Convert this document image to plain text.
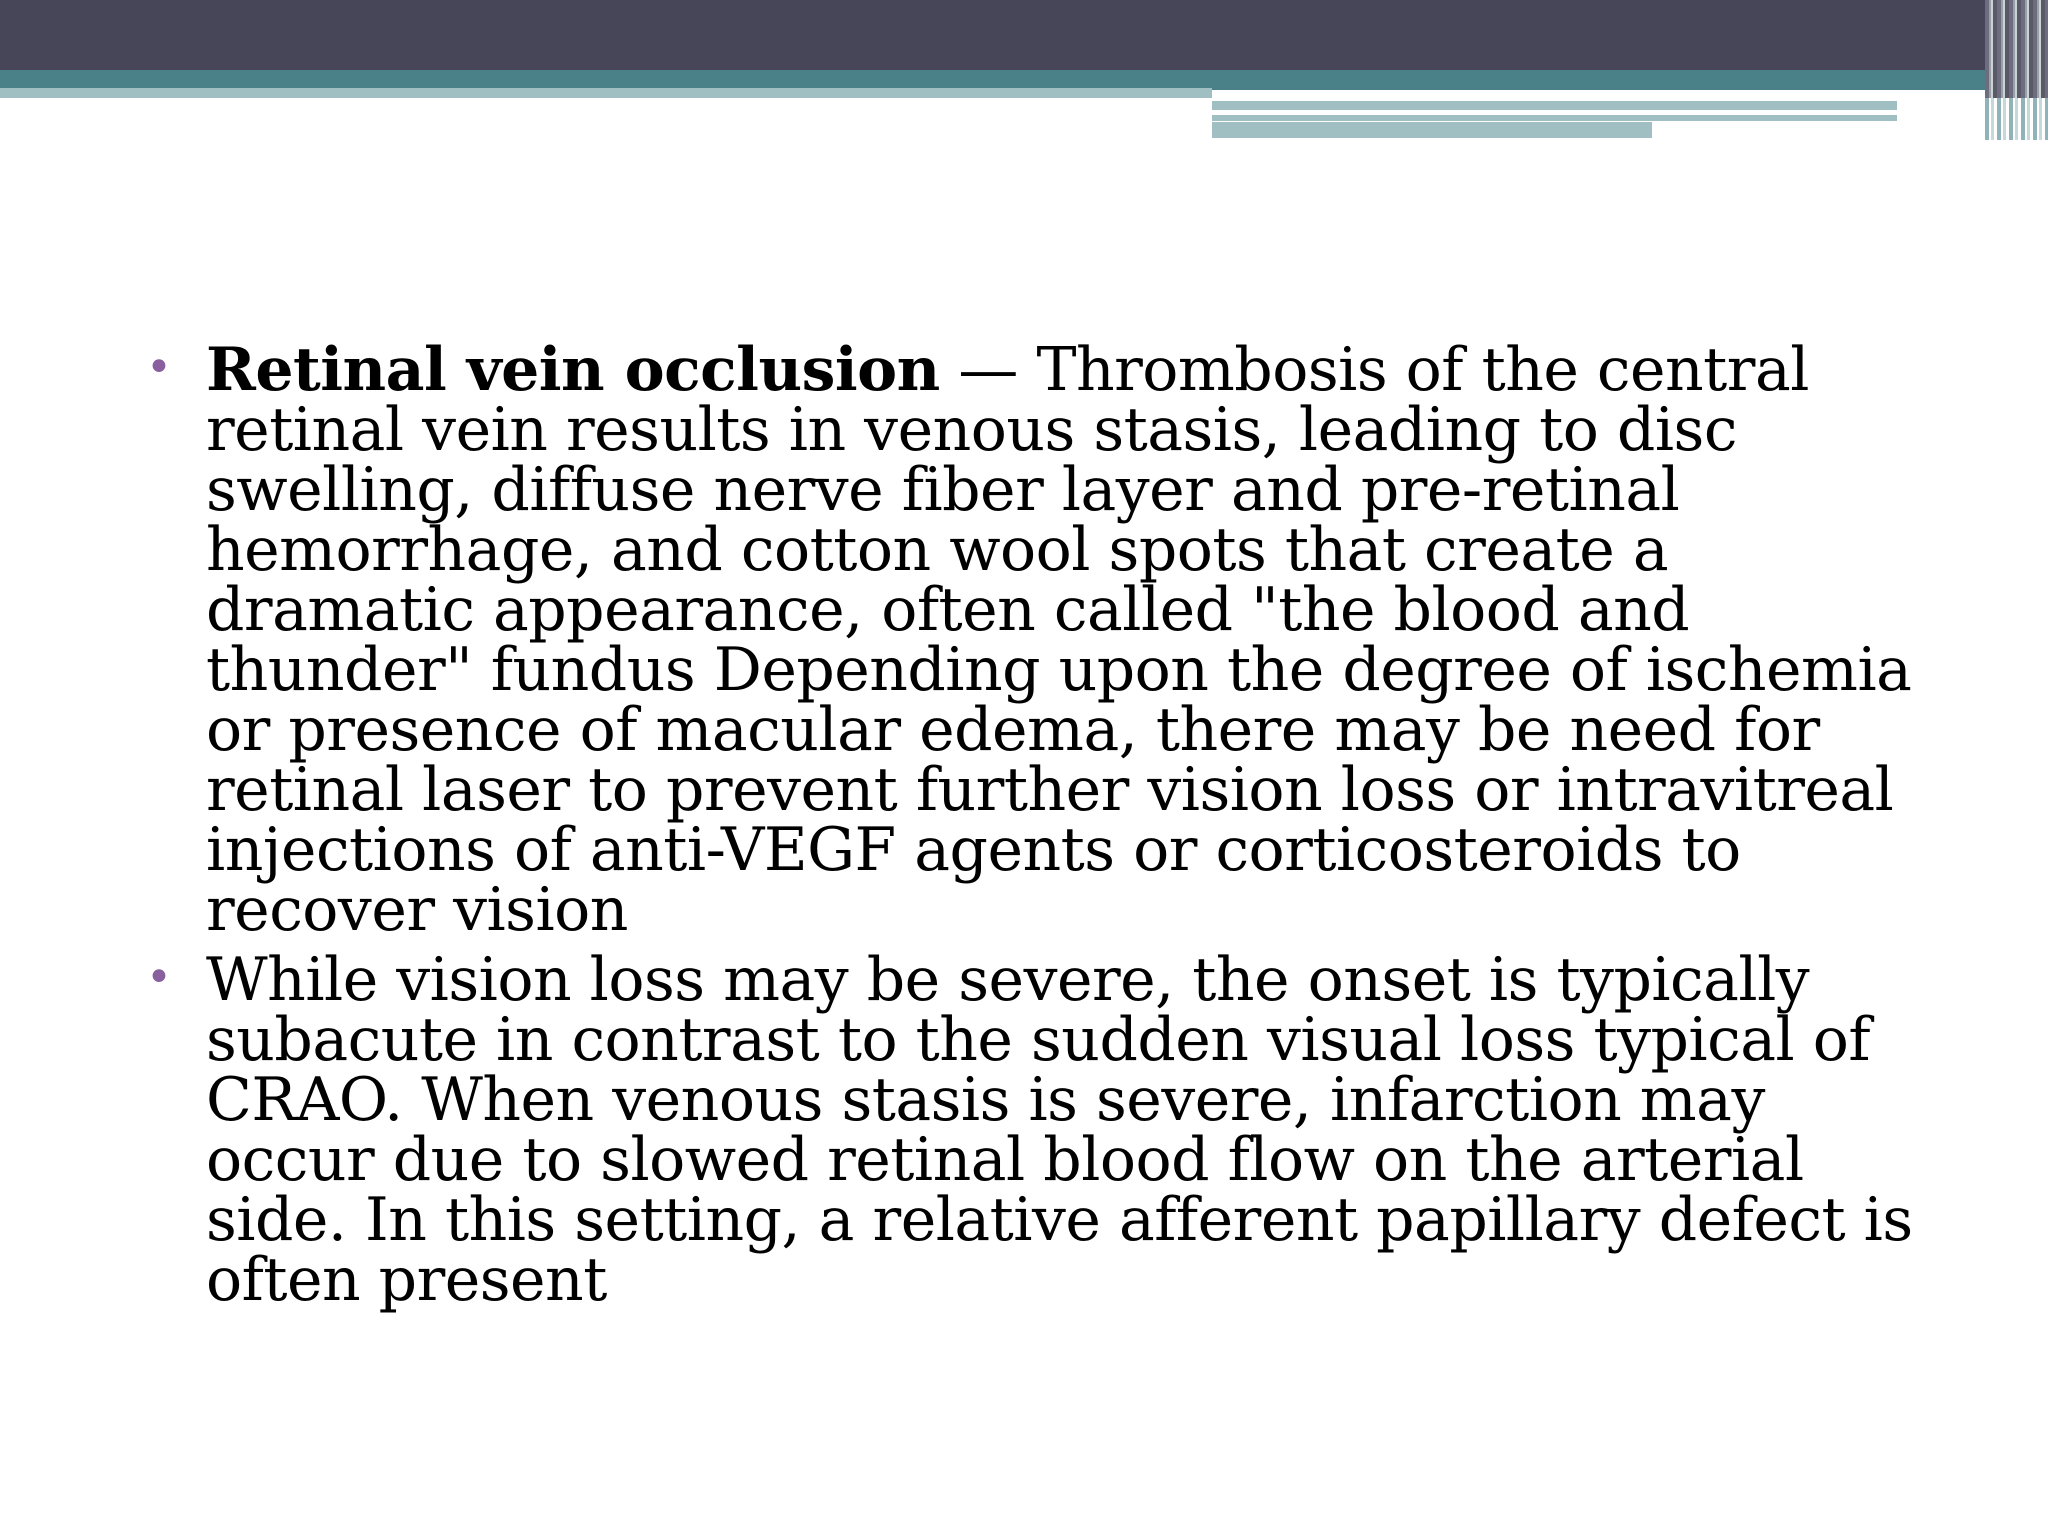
• Retinal vein occlusion — Thrombosis of the central retinal vein results in venous stasis, leading to disc swelling, diffuse nerve fiber layer and pre-retinal hemorrhage, and cotton wool spots that create a dramatic appearance, often called "the blood and thunder" fundus Depending upon the degree of ischemia or presence of macular edema, there may be need for retinal laser to prevent further vision loss or intravitreal injections of anti-VEGF agents or corticosteroids to recover vision
• While vision loss may be severe, the onset is typically subacute in contrast to the sudden visual loss typical of CRAO. When venous stasis is severe, infarction may occur due to slowed retinal blood flow on the arterial side. In this setting, a relative afferent papillary defect is often present
